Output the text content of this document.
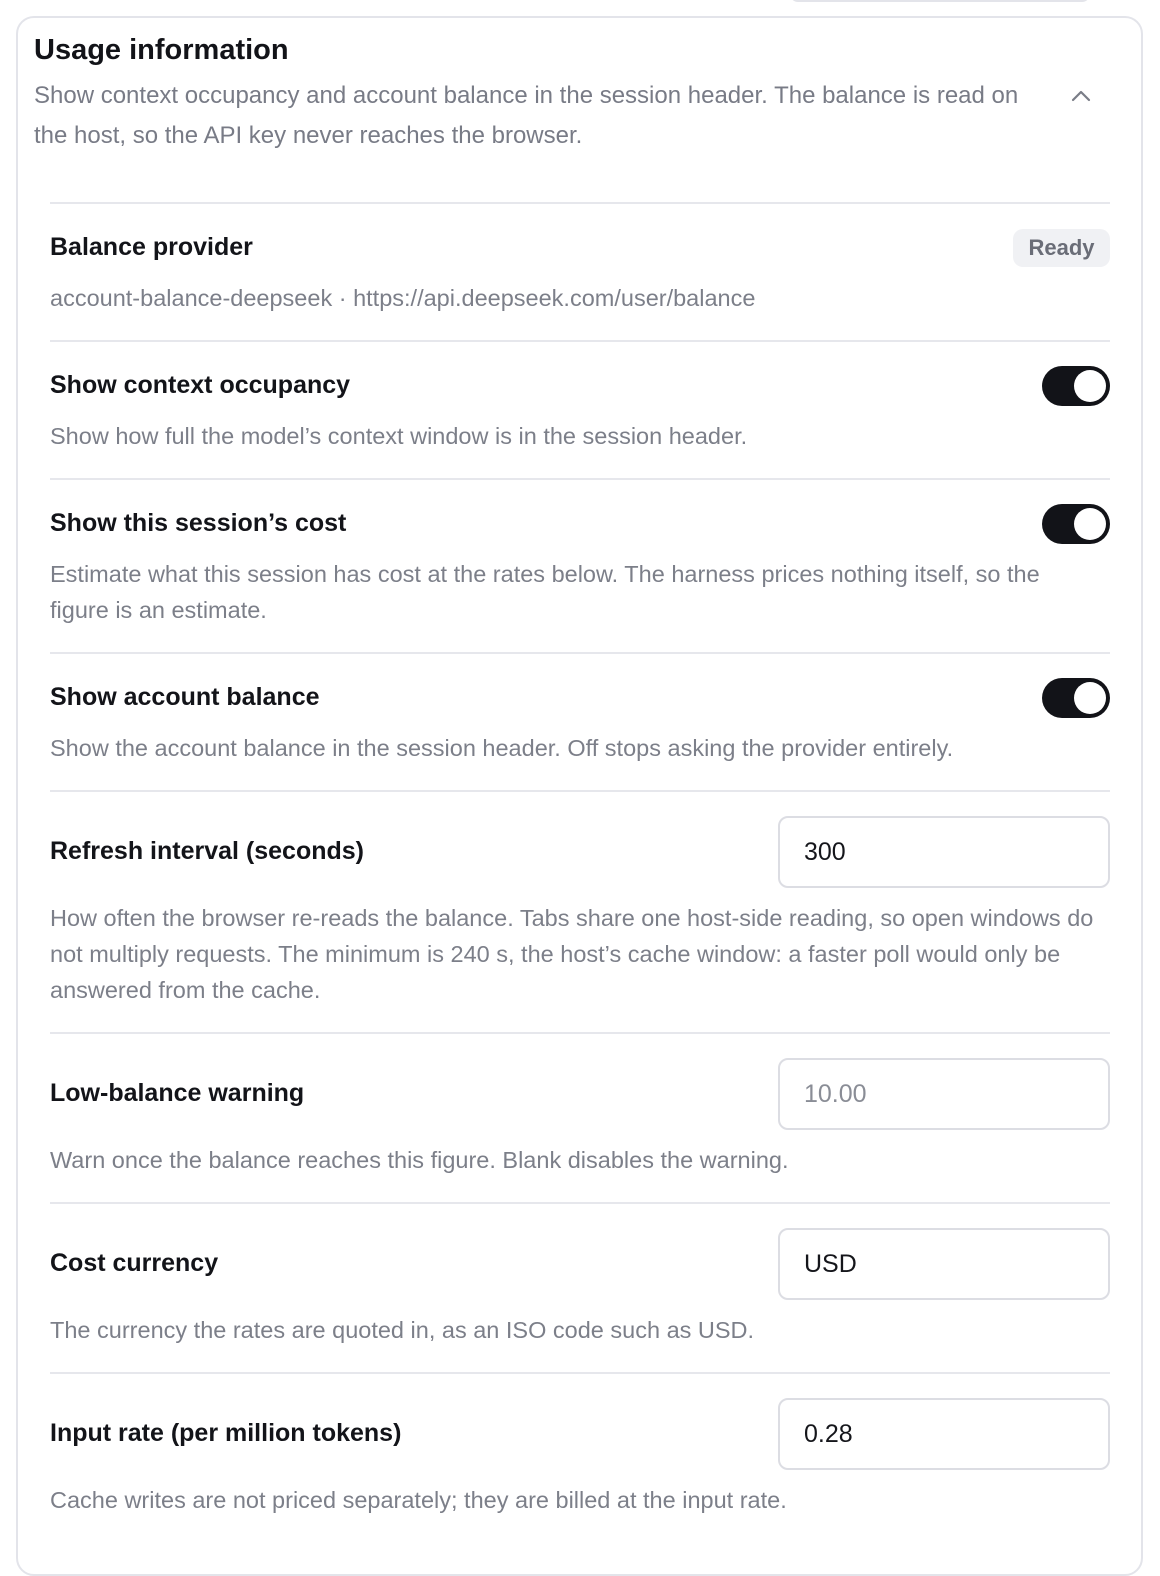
Usage information
Show context occupancy and account balance in the session header. The balance is read on the host, so the API key never reaches the browser.
Balance provider	Ready
account-balance-deepseek · https://api.deepseek.com/user/balance
Show context occupancy
Show how full the model’s context window is in the session header.
Show this session’s cost
Estimate what this session has cost at the rates below. The harness prices nothing itself, so the figure is an estimate.
Show account balance
Show the account balance in the session header. Off stops asking the provider entirely.
Refresh interval (seconds)
300
How often the browser re-reads the balance. Tabs share one host-side reading, so open windows do not multiply requests. The minimum is 240 s, the host’s cache window: a faster poll would only be answered from the cache.
Low-balance warning
10.00
Warn once the balance reaches this figure. Blank disables the warning.
Cost currency
USD
The currency the rates are quoted in, as an ISO code such as USD.
Input rate (per million tokens)
0.28
Cache writes are not priced separately; they are billed at the input rate.
